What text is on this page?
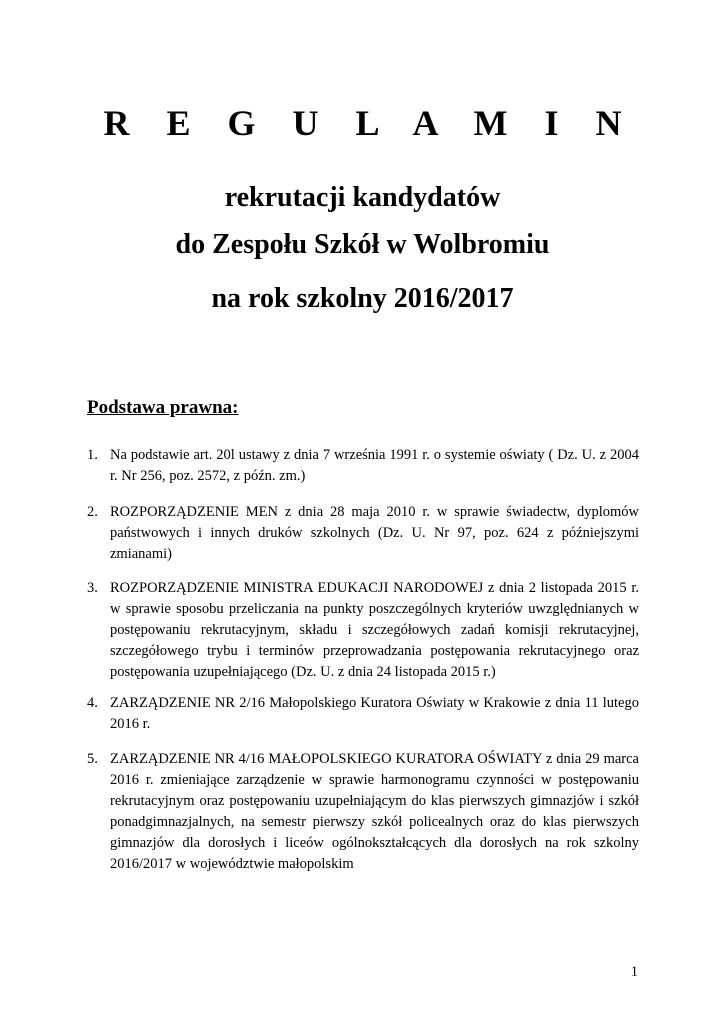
R E G U L A M I N
rekrutacji kandydatów
do Zespołu Szkół w Wolbromiu
na rok szkolny 2016/2017
Podstawa prawna:
1. Na podstawie art. 20l ustawy z dnia 7 września 1991 r. o systemie oświaty ( Dz. U. z 2004 r. Nr 256, poz. 2572, z późn. zm.)
2. ROZPORZĄDZENIE MEN z dnia 28 maja 2010 r. w sprawie świadectw, dyplomów państwowych i innych druków szkolnych (Dz. U. Nr 97, poz. 624 z późniejszymi zmianami)
3. ROZPORZĄDZENIE MINISTRA EDUKACJI NARODOWEJ z dnia 2 listopada 2015 r. w sprawie sposobu przeliczania na punkty poszczególnych kryteriów uwzględnianych w postępowaniu rekrutacyjnym, składu i szczegółowych zadań komisji rekrutacyjnej, szczegółowego trybu i terminów przeprowadzania postępowania rekrutacyjnego oraz postępowania uzupełniającego (Dz. U. z dnia 24 listopada 2015 r.)
4. ZARZĄDZENIE NR 2/16 Małopolskiego Kuratora Oświaty w Krakowie z dnia 11 lutego 2016 r.
5. ZARZĄDZENIE NR 4/16 MAŁOPOLSKIEGO KURATORA OŚWIATY z dnia 29 marca 2016 r. zmieniające zarządzenie w sprawie harmonogramu czynności w postępowaniu rekrutacyjnym oraz postępowaniu uzupełniającym do klas pierwszych gimnazjów i szkół ponadgimnazjalnych, na semestr pierwszy szkół policealnych oraz do klas pierwszych gimnazjów dla dorosłych i liceów ogólnokształcących dla dorosłych na rok szkolny 2016/2017 w województwie małopolskim
1
